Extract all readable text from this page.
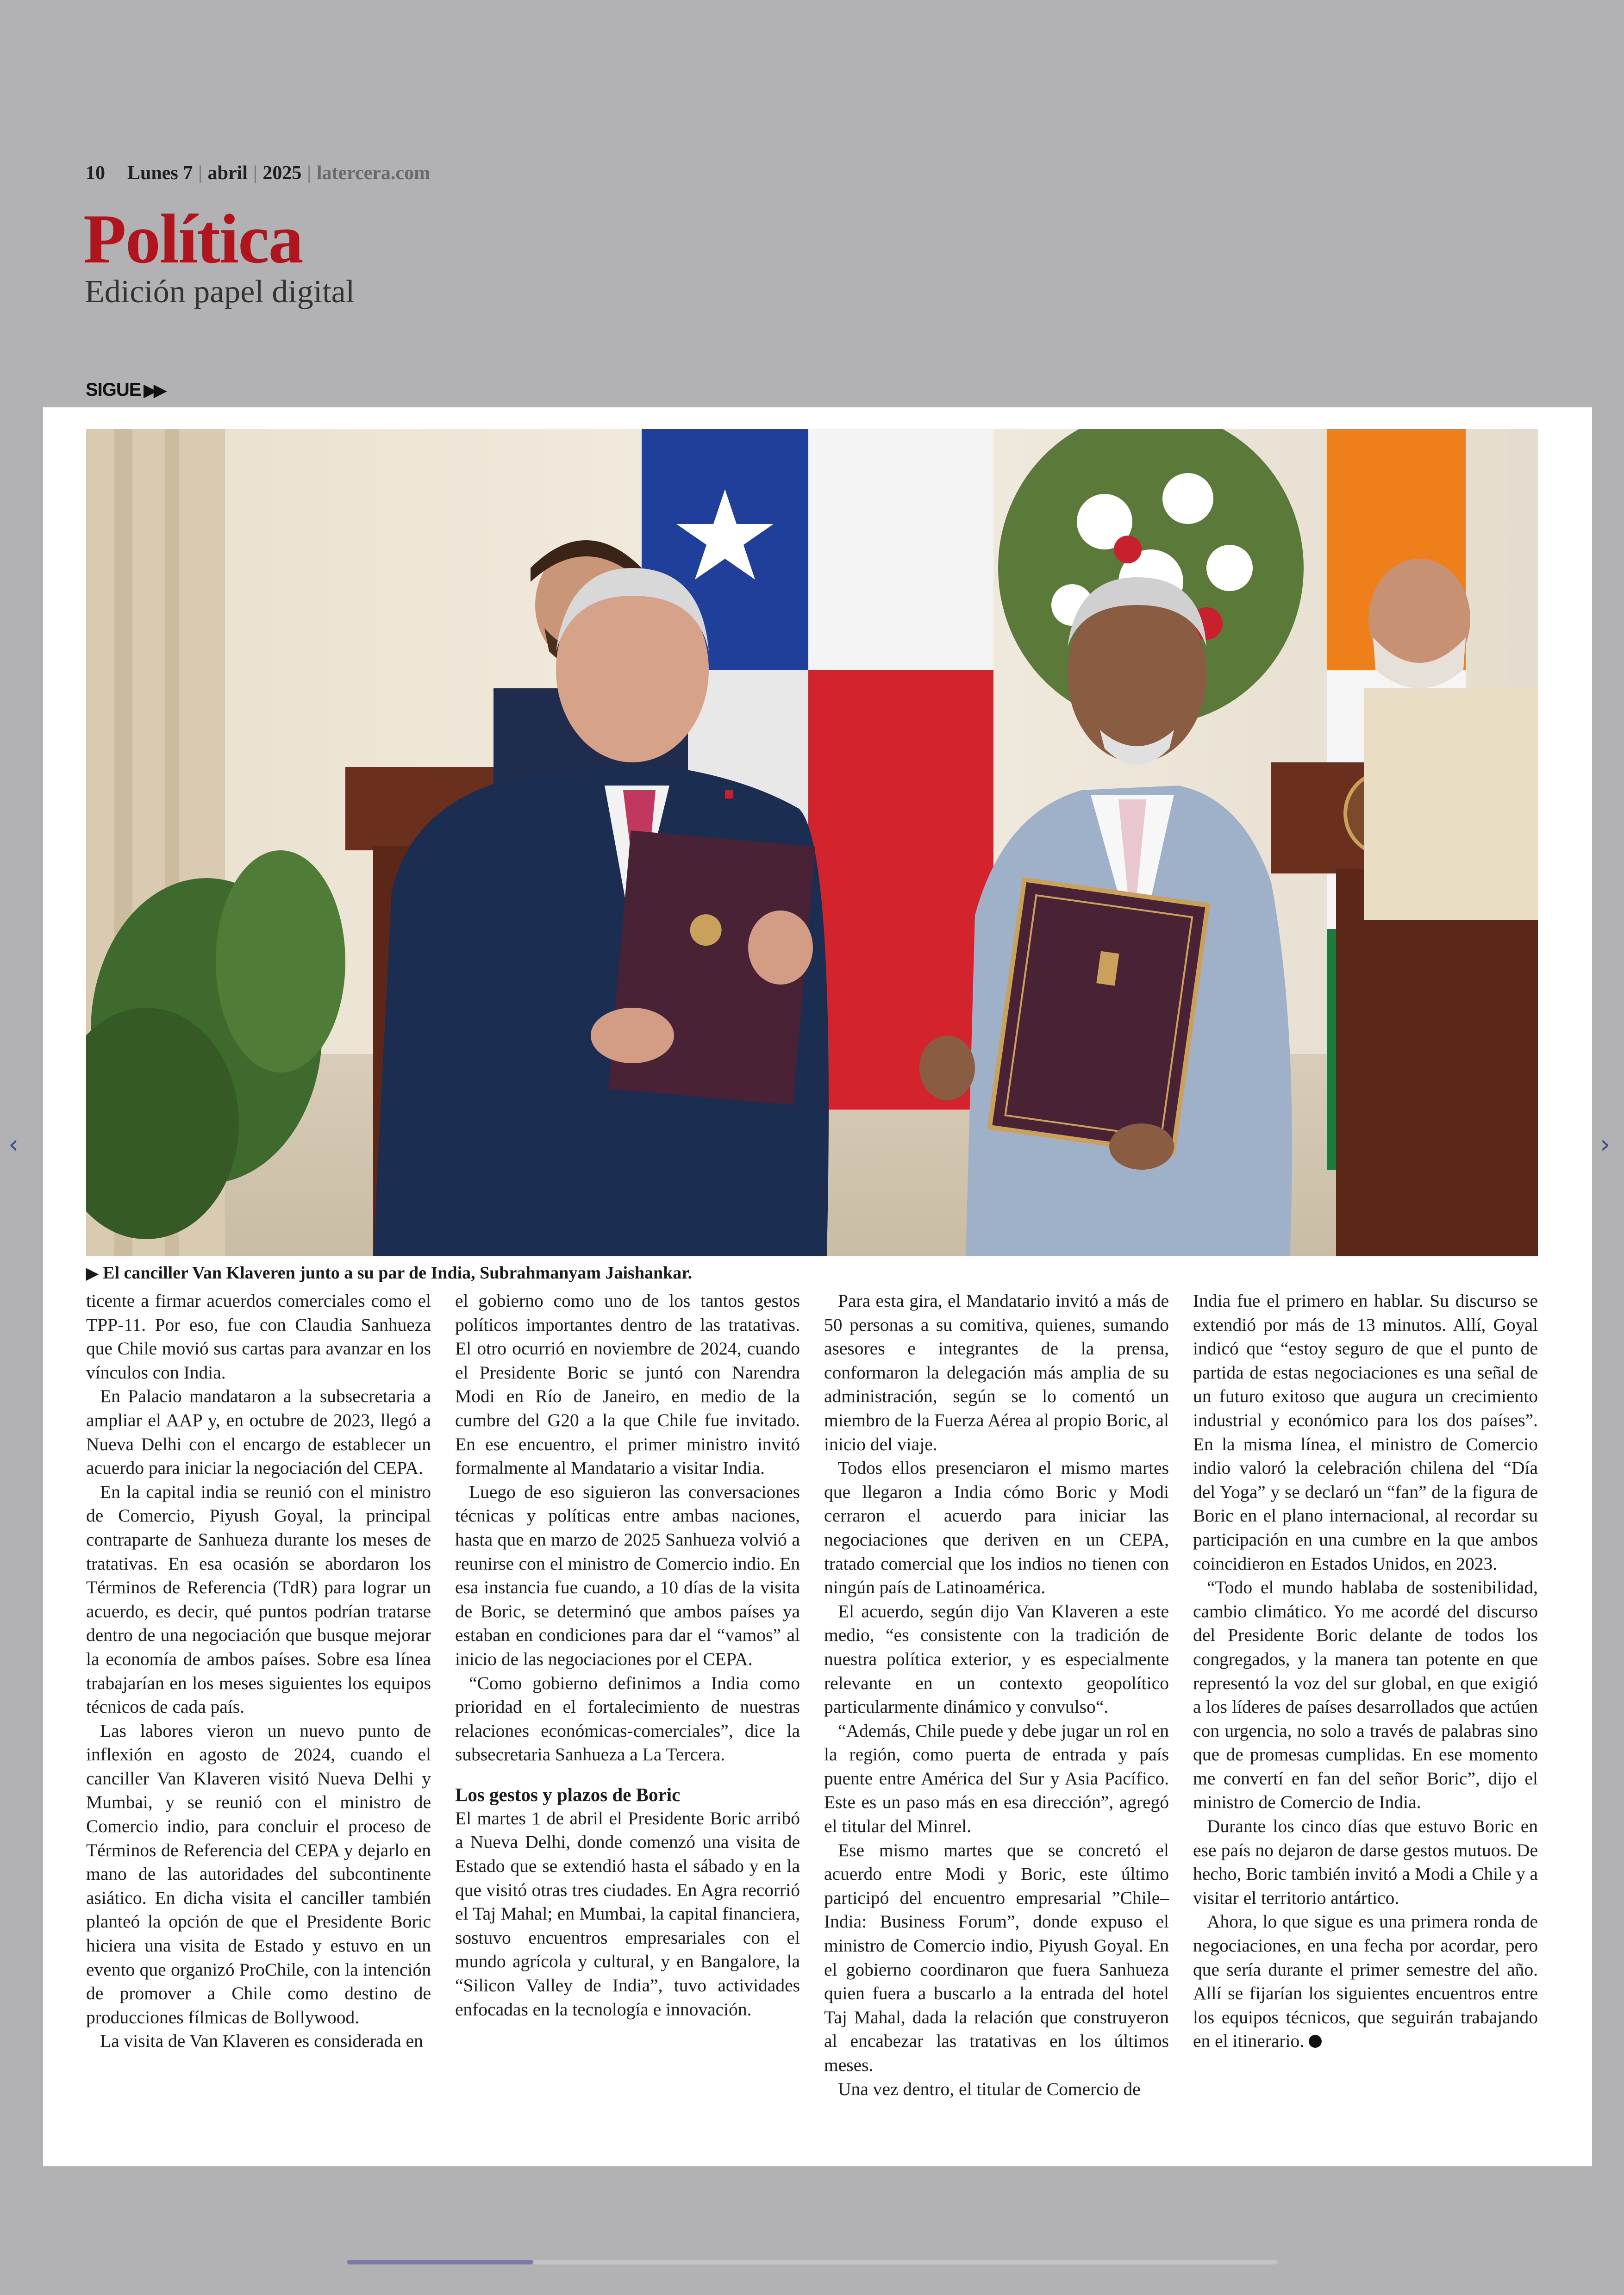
10 Lunes 7 | abril | 2025 | latercera.com
Política
Edición papel digital
SIGUE ▶▶
‹	›
▶ El canciller Van Klaveren junto a su par de India, Subrahmanyam Jaishankar.

ticente a firmar acuerdos comerciales como el TPP-11. Por eso, fue con Claudia Sanhueza que Chile movió sus cartas para avanzar en los vínculos con India.

En Palacio mandataron a la subsecretaria a ampliar el AAP y, en octubre de 2023, llegó a Nueva Delhi con el encargo de establecer un acuerdo para iniciar la negociación del CEPA.

En la capital india se reunió con el ministro de Comercio, Piyush Goyal, la principal contraparte de Sanhueza durante los meses de tratativas. En esa ocasión se abordaron los Términos de Referencia (TdR) para lograr un acuerdo, es decir, qué puntos podrían tratarse dentro de una negociación que busque mejorar la economía de ambos países. Sobre esa línea trabajarían en los meses siguientes los equipos técnicos de cada país.

Las labores vieron un nuevo punto de inflexión en agosto de 2024, cuando el canciller Van Klaveren visitó Nueva Delhi y Mumbai, y se reunió con el ministro de Comercio indio, para concluir el proceso de Términos de Referencia del CEPA y dejarlo en mano de las autoridades del subcontinente asiático. En dicha visita el canciller también planteó la opción de que el Presidente Boric hiciera una visita de Estado y estuvo en un evento que organizó ProChile, con la intención de promover a Chile como destino de producciones fílmicas de Bollywood.

La visita de Van Klaveren es considerada en

el gobierno como uno de los tantos gestos políticos importantes dentro de las tratativas. El otro ocurrió en noviembre de 2024, cuando el Presidente Boric se juntó con Narendra Modi en Río de Janeiro, en medio de la cumbre del G20 a la que Chile fue invitado. En ese encuentro, el primer ministro invitó formalmente al Mandatario a visitar India.

Luego de eso siguieron las conversaciones técnicas y políticas entre ambas naciones, hasta que en marzo de 2025 Sanhueza volvió a reunirse con el ministro de Comercio indio. En esa instancia fue cuando, a 10 días de la visita de Boric, se determinó que ambos países ya estaban en condiciones para dar el “vamos” al inicio de las negociaciones por el CEPA.

“Como gobierno definimos a India como prioridad en el fortalecimiento de nuestras relaciones económicas-comerciales”, dice la subsecretaria Sanhueza a La Tercera.

Los gestos y plazos de Boric

El martes 1 de abril el Presidente Boric arribó a Nueva Delhi, donde comenzó una visita de Estado que se extendió hasta el sábado y en la que visitó otras tres ciudades. En Agra recorrió el Taj Mahal; en Mumbai, la capital financiera, sostuvo encuentros empresariales con el mundo agrícola y cultural, y en Bangalore, la “Silicon Valley de India”, tuvo actividades enfocadas en la tecnología e innovación.

Para esta gira, el Mandatario invitó a más de 50 personas a su comitiva, quienes, sumando asesores e integrantes de la prensa, conformaron la delegación más amplia de su administración, según se lo comentó un miembro de la Fuerza Aérea al propio Boric, al inicio del viaje.

Todos ellos presenciaron el mismo martes que llegaron a India cómo Boric y Modi cerraron el acuerdo para iniciar las negociaciones que deriven en un CEPA, tratado comercial que los indios no tienen con ningún país de Latinoamérica.

El acuerdo, según dijo Van Klaveren a este medio, “es consistente con la tradición de nuestra política exterior, y es especialmente relevante en un contexto geopolítico particularmente dinámico y convulso“.

“Además, Chile puede y debe jugar un rol en la región, como puerta de entrada y país puente entre América del Sur y Asia Pacífico. Este es un paso más en esa dirección”, agregó el titular del Minrel.

Ese mismo martes que se concretó el acuerdo entre Modi y Boric, este último participó del encuentro empresarial ”Chile–India: Business Forum”, donde expuso el ministro de Comercio indio, Piyush Goyal. En el gobierno coordinaron que fuera Sanhueza quien fuera a buscarlo a la entrada del hotel Taj Mahal, dada la relación que construyeron al encabezar las tratativas en los últimos meses.

Una vez dentro, el titular de Comercio de

India fue el primero en hablar. Su discurso se extendió por más de 13 minutos. Allí, Goyal indicó que “estoy seguro de que el punto de partida de estas negociaciones es una señal de un futuro exitoso que augura un crecimiento industrial y económico para los dos países”. En la misma línea, el ministro de Comercio indio valoró la celebración chilena del “Día del Yoga” y se declaró un “fan” de la figura de Boric en el plano internacional, al recordar su participación en una cumbre en la que ambos coincidieron en Estados Unidos, en 2023.

“Todo el mundo hablaba de sostenibilidad, cambio climático. Yo me acordé del discurso del Presidente Boric delante de todos los congregados, y la manera tan potente en que representó la voz del sur global, en que exigió a los líderes de países desarrollados que actúen con urgencia, no solo a través de palabras sino que de promesas cumplidas. En ese momento me convertí en fan del señor Boric”, dijo el ministro de Comercio de India.

Durante los cinco días que estuvo Boric en ese país no dejaron de darse gestos mutuos. De hecho, Boric también invitó a Modi a Chile y a visitar el territorio antártico.

Ahora, lo que sigue es una primera ronda de negociaciones, en una fecha por acordar, pero que sería durante el primer semestre del año. Allí se fijarían los siguientes encuentros entre los equipos técnicos, que seguirán trabajando en el itinerario.
